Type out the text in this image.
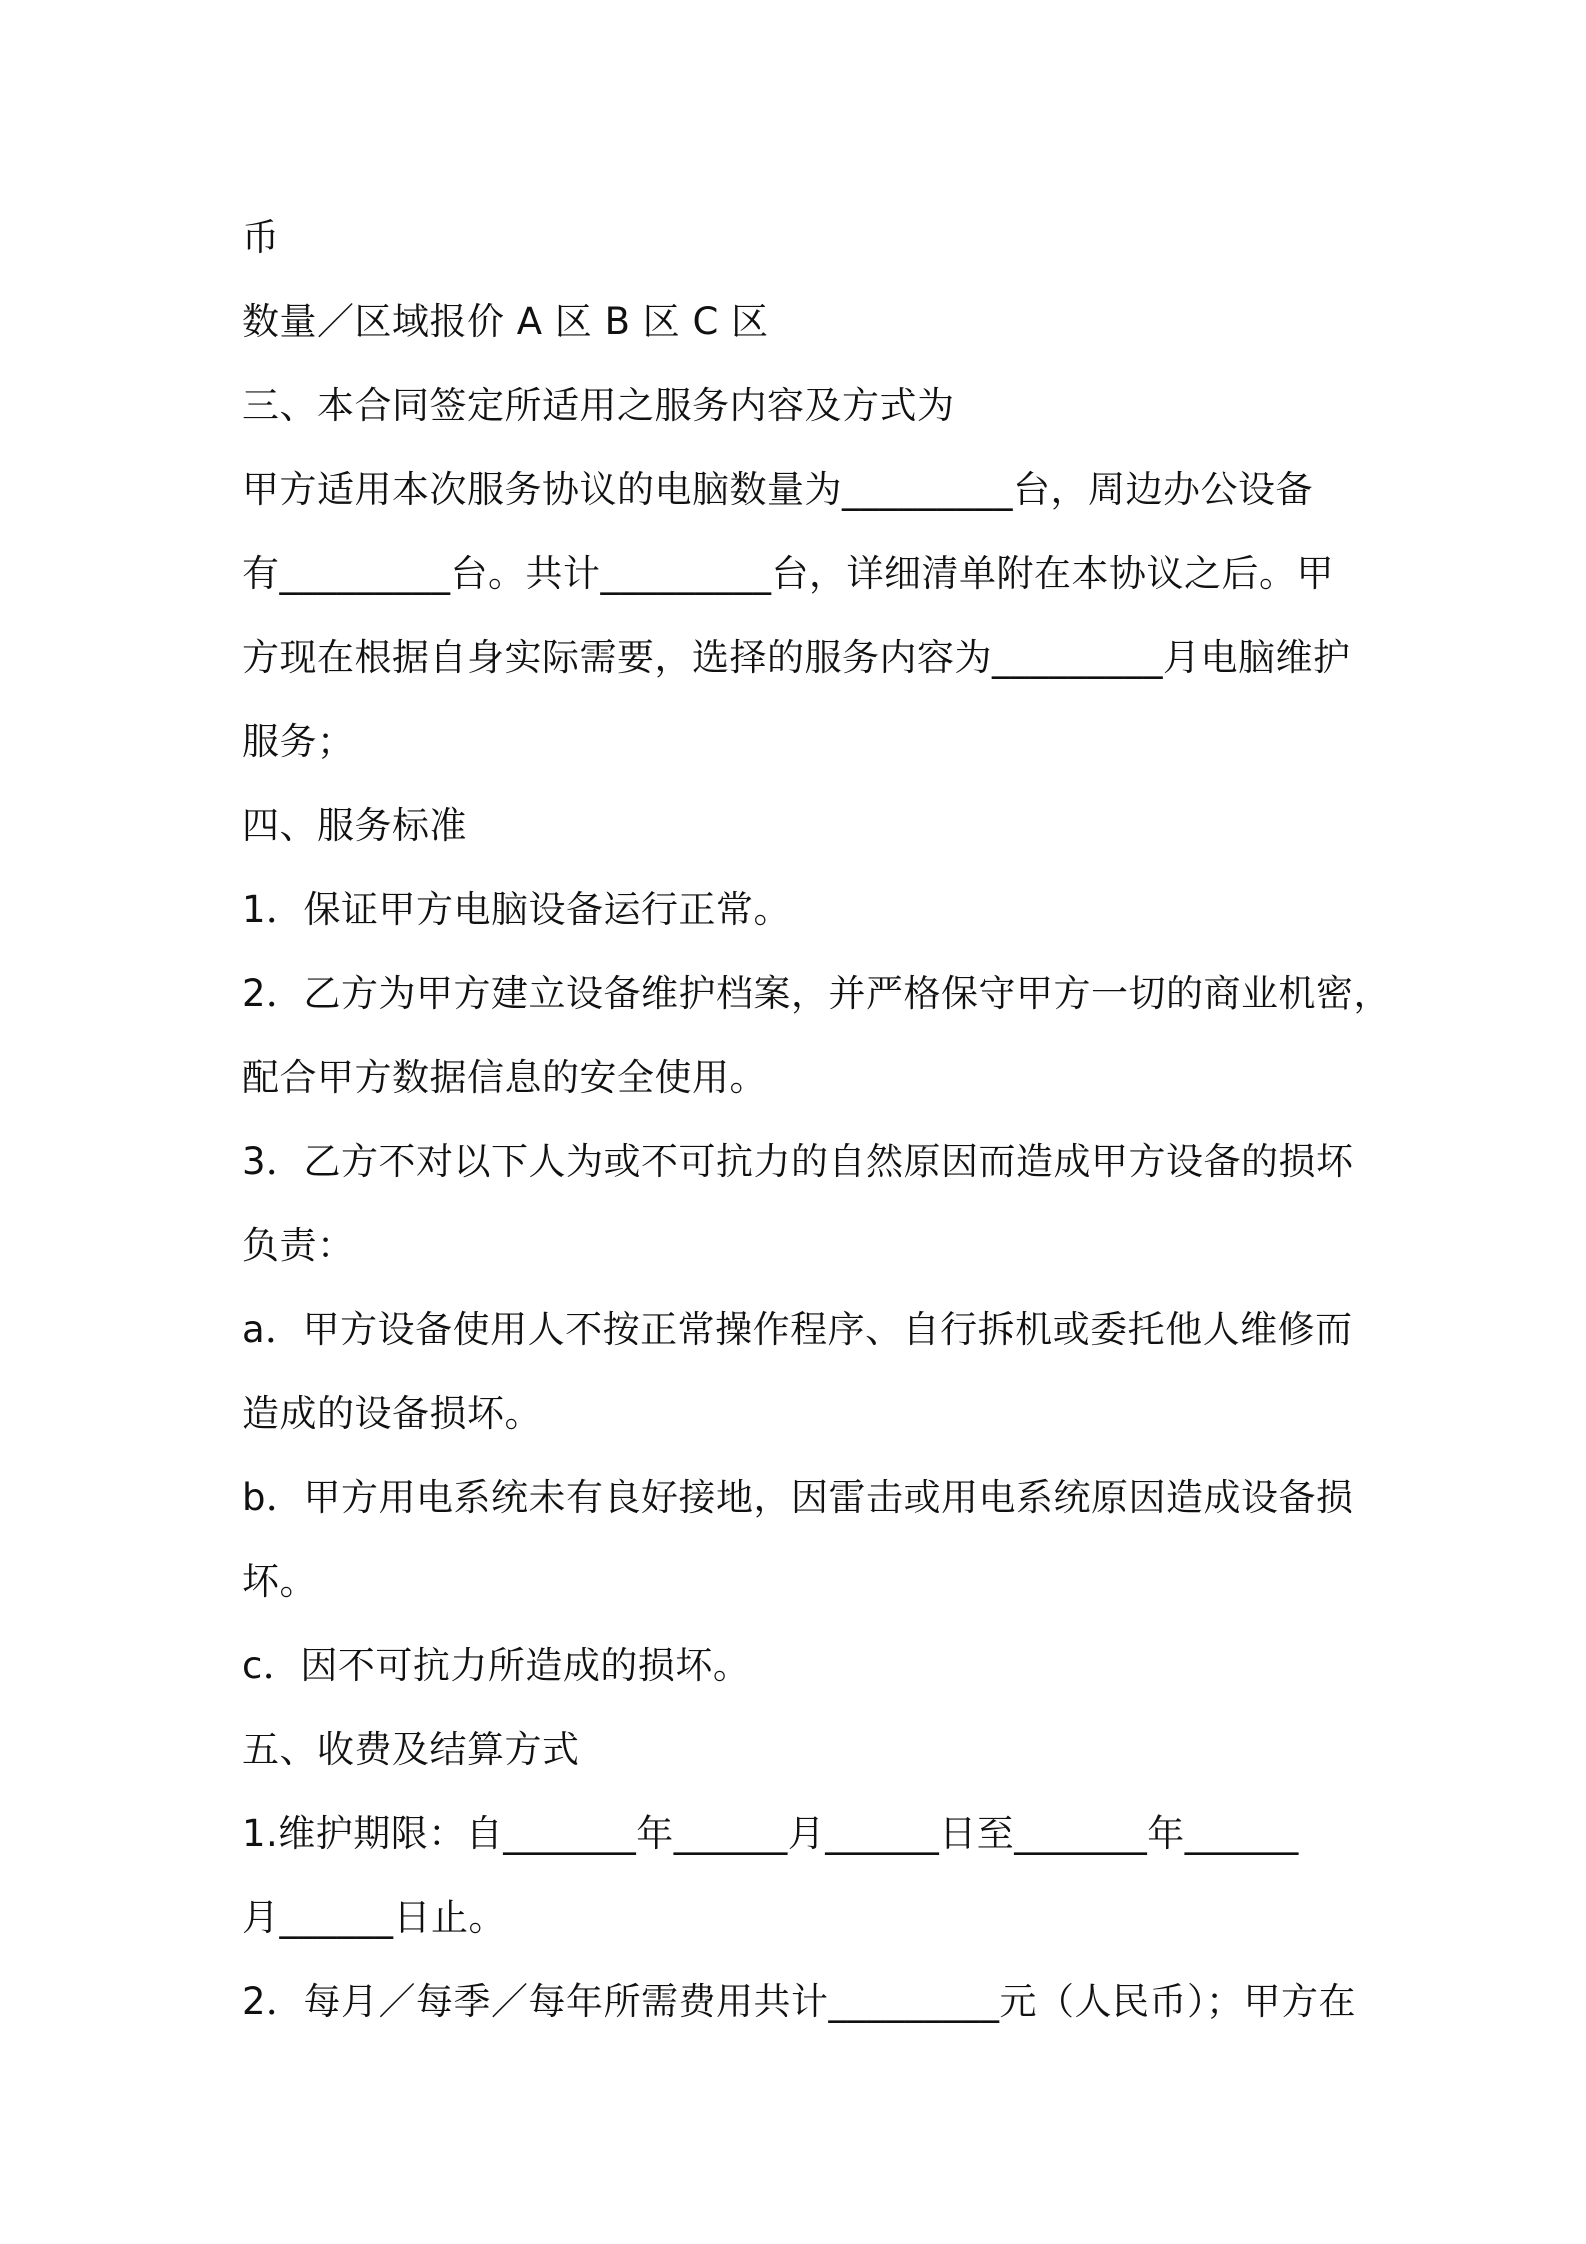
币
数量／区域报价 A 区 B 区 C 区
三、本合同签定所适用之服务内容及方式为
甲方适用本次服务协议的电脑数量为_________台，周边办公设备
有_________台。共计_________台，详细清单附在本协议之后。甲
方现在根据自身实际需要，选择的服务内容为_________月电脑维护
服务；
四、服务标准
1．保证甲方电脑设备运行正常。
2．乙方为甲方建立设备维护档案，并严格保守甲方一切的商业机密，
配合甲方数据信息的安全使用。
3．乙方不对以下人为或不可抗力的自然原因而造成甲方设备的损坏
负责：
a．甲方设备使用人不按正常操作程序、自行拆机或委托他人维修而
造成的设备损坏。
b．甲方用电系统未有良好接地，因雷击或用电系统原因造成设备损
坏。
c．因不可抗力所造成的损坏。
五、收费及结算方式
1.维护期限：自_______年______月______日至_______年______
月______日止。
2．每月／每季／每年所需费用共计_________元（人民币）；甲方在
